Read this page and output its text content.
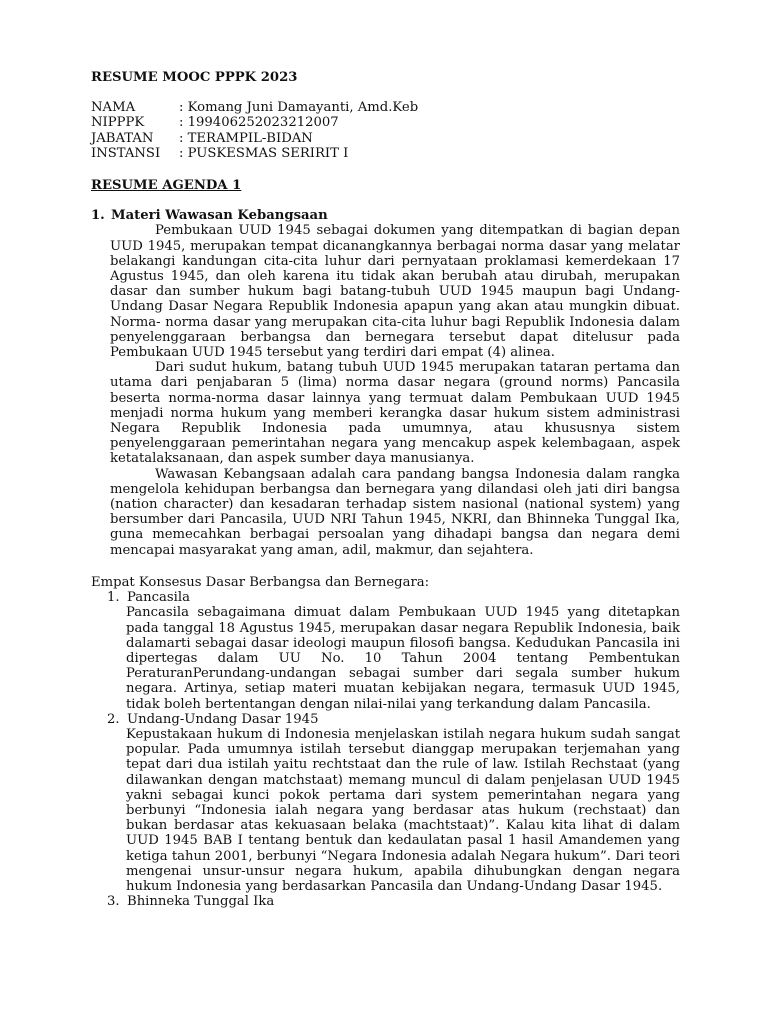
RESUME MOOC PPPK 2023
NAMA	: Komang Juni Damayanti, Amd.Keb
NIPPPK	: 199406252023212007
JABATAN	: TERAMPIL-BIDAN
INSTANSI	: PUSKESMAS SERIRIT I
RESUME AGENDA 1
1. Materi Wawasan Kebangsaan

Pembukaan UUD 1945 sebagai dokumen yang ditempatkan di bagian depan UUD 1945, merupakan tempat dicanangkannya berbagai norma dasar yang melatar belakangi kandungan cita-cita luhur dari pernyataan proklamasi kemerdekaan 17 Agustus 1945, dan oleh karena itu tidak akan berubah atau dirubah, merupakan dasar dan sumber hukum bagi batang-tubuh UUD 1945 maupun bagi Undang-Undang Dasar Negara Republik Indonesia apapun yang akan atau mungkin dibuat. Norma- norma dasar yang merupakan cita-cita luhur bagi Republik Indonesia dalam penyelenggaraan berbangsa dan bernegara tersebut dapat ditelusur pada Pembukaan UUD 1945 tersebut yang terdiri dari empat (4) alinea.

Dari sudut hukum, batang tubuh UUD 1945 merupakan tataran pertama dan utama dari penjabaran 5 (lima) norma dasar negara (ground norms) Pancasila beserta norma-norma dasar lainnya yang termuat dalam Pembukaan UUD 1945 menjadi norma hukum yang memberi kerangka dasar hukum sistem administrasi Negara Republik Indonesia pada umumnya, atau khususnya sistem penyelenggaraan pemerintahan negara yang mencakup aspek kelembagaan, aspek ketatalaksanaan, dan aspek sumber daya manusianya.

Wawasan Kebangsaan adalah cara pandang bangsa Indonesia dalam rangka mengelola kehidupan berbangsa dan bernegara yang dilandasi oleh jati diri bangsa (nation character) dan kesadaran terhadap sistem nasional (national system) yang bersumber dari Pancasila, UUD NRI Tahun 1945, NKRI, dan Bhinneka Tunggal Ika, guna memecahkan berbagai persoalan yang dihadapi bangsa dan negara demi mencapai masyarakat yang aman, adil, makmur, dan sejahtera.

Empat Konsesus Dasar Berbangsa dan Bernegara:
1. Pancasila
Pancasila sebagaimana dimuat dalam Pembukaan UUD 1945 yang ditetapkan pada tanggal 18 Agustus 1945, merupakan dasar negara Republik Indonesia, baik dalamarti sebagai dasar ideologi maupun filosofi bangsa. Kedudukan Pancasila ini dipertegas dalam UU No. 10 Tahun 2004 tentang Pembentukan PeraturanPerundang-undangan sebagai sumber dari segala sumber hukum negara. Artinya, setiap materi muatan kebijakan negara, termasuk UUD 1945, tidak boleh bertentangan dengan nilai-nilai yang terkandung dalam Pancasila.
2. Undang-Undang Dasar 1945
Kepustakaan hukum di Indonesia menjelaskan istilah negara hukum sudah sangat popular. Pada umumnya istilah tersebut dianggap merupakan terjemahan yang tepat dari dua istilah yaitu rechtstaat dan the rule of law. Istilah Rechstaat (yang dilawankan dengan matchstaat) memang muncul di dalam penjelasan UUD 1945 yakni sebagai kunci pokok pertama dari system pemerintahan negara yang berbunyi “Indonesia ialah negara yang berdasar atas hukum (rechstaat) dan bukan berdasar atas kekuasaan belaka (machtstaat)”. Kalau kita lihat di dalam UUD 1945 BAB I tentang bentuk dan kedaulatan pasal 1 hasil Amandemen yang ketiga tahun 2001, berbunyi “Negara Indonesia adalah Negara hukum”. Dari teori mengenai unsur-unsur negara hukum, apabila dihubungkan dengan negara hukum Indonesia yang berdasarkan Pancasila dan Undang-Undang Dasar 1945.
3. Bhinneka Tunggal Ika
